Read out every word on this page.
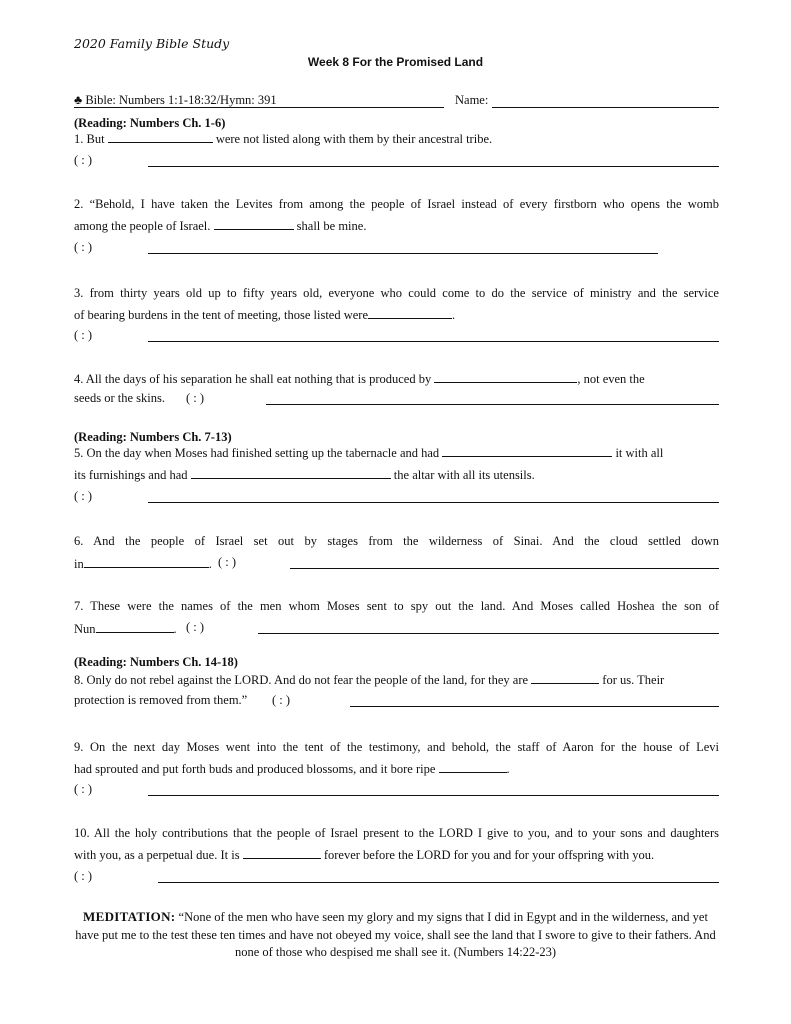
2020 Family Bible Study
Week 8 For the Promised Land
♣ Bible: Numbers 1:1-18:32/Hymn: 391	Name:
(Reading: Numbers Ch. 1-6)
1. But	were not listed along with them by their ancestral tribe.
( : )
2. “Behold, I have taken the Levites from among the people of Israel instead of every firstborn who opens the womb
among the people of Israel.	shall be mine.
( : )
3. from thirty years old up to fifty years old, everyone who could come to do the service of ministry and the service
of bearing burdens in the tent of meeting, those listed were	.
( : )
4. All the days of his separation he shall eat nothing that is produced by	, not even the
seeds or the skins. ( : )
(Reading: Numbers Ch. 7-13)
5. On the day when Moses had finished setting up the tabernacle and had	it with all
its furnishings and had	the altar with all its utensils.
( : )
6. And the people of Israel set out by stages from the wilderness of Sinai. And the cloud settled down
in	. ( : )
7. These were the names of the men whom Moses sent to spy out the land. And Moses called Hoshea the son of
Nun	. ( : )
(Reading: Numbers Ch. 14-18)
8. Only do not rebel against the LORD. And do not fear the people of the land, for they are	for us. Their
protection is removed from them.” ( : )
9. On the next day Moses went into the tent of the testimony, and behold, the staff of Aaron for the house of Levi
had sprouted and put forth buds and produced blossoms, and it bore ripe	.
( : )
10. All the holy contributions that the people of Israel present to the LORD I give to you, and to your sons and daughters
with you, as a perpetual due. It is	forever before the LORD for you and for your offspring with you.
( : )
MEDITATION: “None of the men who have seen my glory and my signs that I did in Egypt and in the wilderness, and yet have put me to the test these ten times and have not obeyed my voice, shall see the land that I swore to give to their fathers. And none of those who despised me shall see it. (Numbers 14:22-23)
